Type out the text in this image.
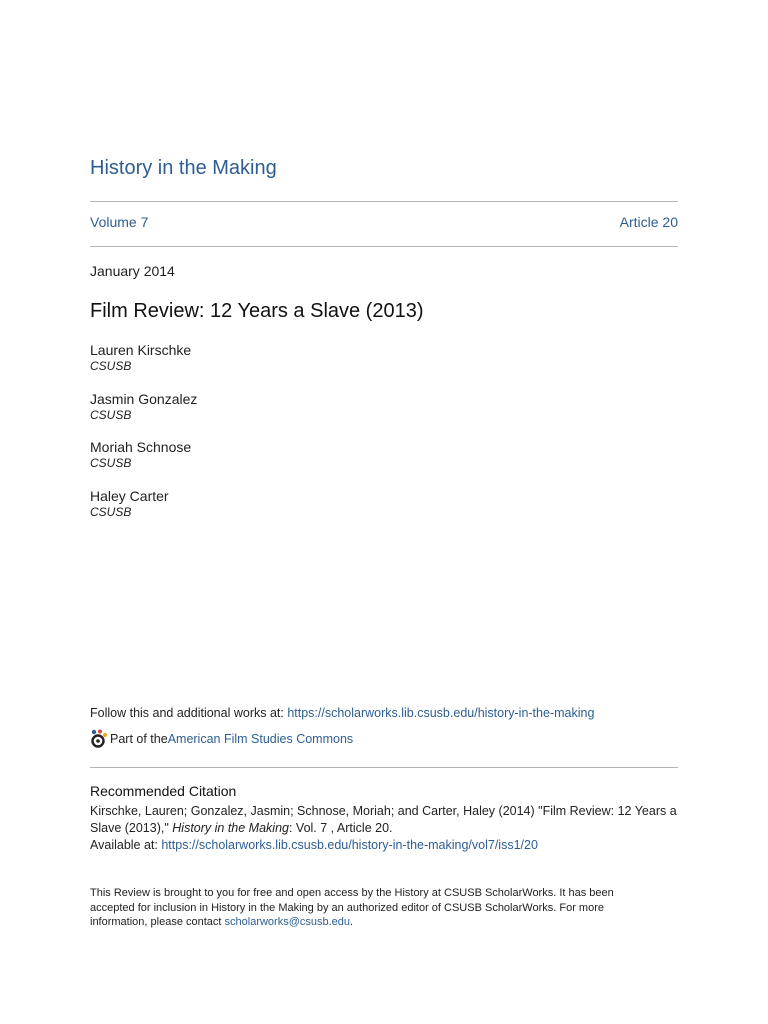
History in the Making
Volume 7	Article 20
January 2014
Film Review: 12 Years a Slave (2013)
Lauren Kirschke
CSUSB
Jasmin Gonzalez
CSUSB
Moriah Schnose
CSUSB
Haley Carter
CSUSB
Follow this and additional works at: https://scholarworks.lib.csusb.edu/history-in-the-making
Part of the American Film Studies Commons
Recommended Citation
Kirschke, Lauren; Gonzalez, Jasmin; Schnose, Moriah; and Carter, Haley (2014) "Film Review: 12 Years a Slave (2013)," History in the Making: Vol. 7 , Article 20.
Available at: https://scholarworks.lib.csusb.edu/history-in-the-making/vol7/iss1/20
This Review is brought to you for free and open access by the History at CSUSB ScholarWorks. It has been accepted for inclusion in History in the Making by an authorized editor of CSUSB ScholarWorks. For more information, please contact scholarworks@csusb.edu.
